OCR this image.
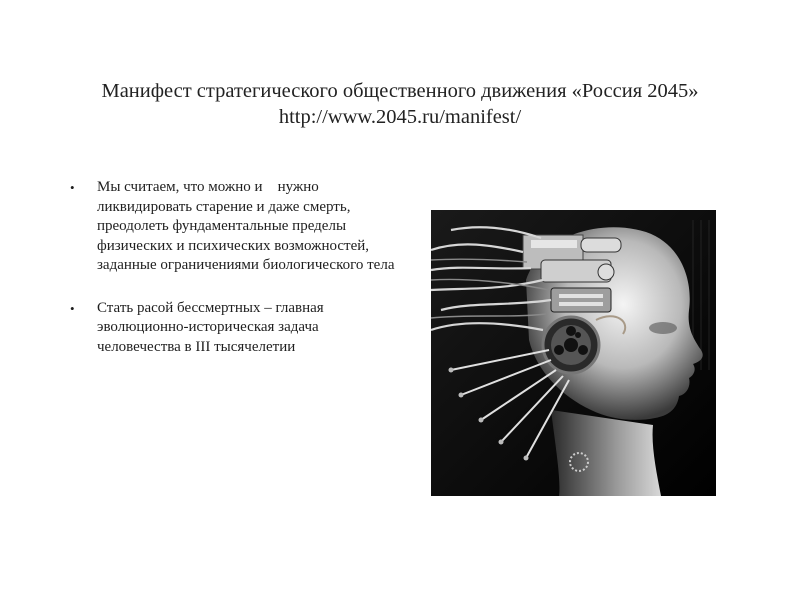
Манифест стратегического общественного движения «Россия 2045»
http://www.2045.ru/manifest/
• Мы считаем, что можно и    нужно ликвидировать старение и даже смерть, преодолеть фундаментальные пределы физических и психических возможностей, заданные ограничениями биологического тела
• Стать расой бессмертных – главная эволюционно-историческая задача человечества в III тысячелетии
